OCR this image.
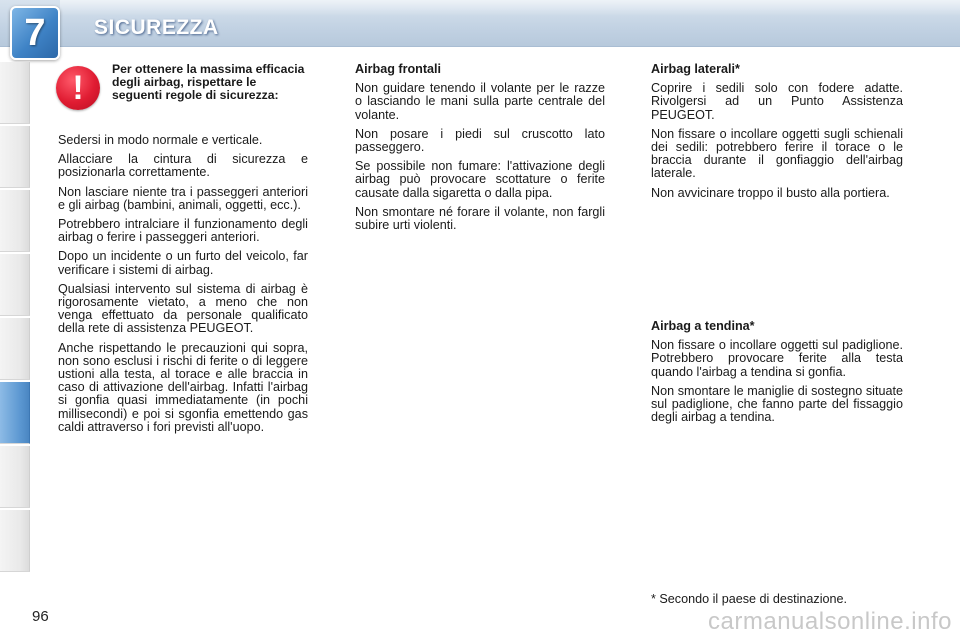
7 SICUREZZA
! Per ottenere la massima efficacia degli airbag, rispettare le seguenti regole di sicurezza:

Sedersi in modo normale e verticale.

Allacciare la cintura di sicurezza e posizionarla correttamente.

Non lasciare niente tra i passeggeri anteriori e gli airbag (bambini, animali, oggetti, ecc.).

Potrebbero intralciare il funzionamento degli airbag o ferire i passeggeri anteriori.

Dopo un incidente o un furto del veicolo, far verificare i sistemi di airbag.

Qualsiasi intervento sul sistema di airbag è rigorosamente vietato, a meno che non venga effettuato da personale qualificato della rete di assistenza PEUGEOT.

Anche rispettando le precauzioni qui sopra, non sono esclusi i rischi di ferite o di leggere ustioni alla testa, al torace e alle braccia in caso di attivazione dell'airbag. Infatti l'airbag si gonfia quasi immediatamente (in pochi millisecondi) e poi si sgonfia emettendo gas caldi attraverso i fori previsti all'uopo.

Airbag frontali

Non guidare tenendo il volante per le razze o lasciando le mani sulla parte centrale del volante.

Non posare i piedi sul cruscotto lato passeggero.

Se possibile non fumare: l'attivazione degli airbag può provocare scottature o ferite causate dalla sigaretta o dalla pipa.

Non smontare né forare il volante, non fargli subire urti violenti.

Airbag laterali*

Coprire i sedili solo con fodere adatte. Rivolgersi ad un Punto Assistenza PEUGEOT.

Non fissare o incollare oggetti sugli schienali dei sedili: potrebbero ferire il torace o le braccia durante il gonfiaggio dell'airbag laterale.

Non avvicinare troppo il busto alla portiera.

Airbag a tendina*

Non fissare o incollare oggetti sul padiglione. Potrebbero provocare ferite alla testa quando l'airbag a tendina si gonfia.

Non smontare le maniglie di sostegno situate sul padiglione, che fanno parte del fissaggio degli airbag a tendina.

* Secondo il paese di destinazione.
96	carmanualsonline.info
